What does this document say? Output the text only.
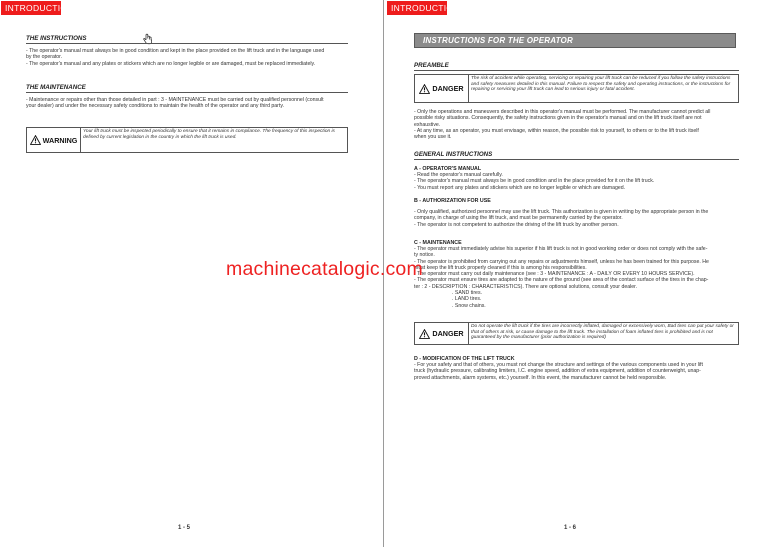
INTRODUCTION
THE INSTRUCTIONS
- The operator's manual must always be in good condition and kept in the place provided on the lift truck and in the language used
by the operator.
- The operator's manual and any plates or stickers which are no longer legible or are damaged, must be replaced immediately.
THE MAINTENANCE
- Maintenance or repairs other than those detailed in part : 3 - MAINTENANCE must be carried out by qualified personnel (consult
your dealer) and under the necessary safety conditions to maintain the health of the operator and any third party.
WARNING
Your lift truck must be inspected periodically to ensure that it remains in compliance. The frequency of this inspection is defined by current legislation in the country in which the lift truck is used.
1 - 5
INTRODUCTION
INSTRUCTIONS FOR THE OPERATOR
PREAMBLE
DANGER
The risk of accident while operating, servicing or repairing your lift truck can be reduced if you follow the safety instructions and safety measures detailed in this manual. Failure to respect the safety and operating instructions, or the instructions for repairing or servicing your lift truck can lead to serious injury or fatal accident.
- Only the operations and maneuvers described in this operator's manual must be performed. The manufacturer cannot predict all
possible risky situations. Consequently, the safety instructions given in the operator's manual and on the lift truck itself are not
exhaustive.
- At any time, as an operator, you must envisage, within reason, the possible risk to yourself, to others or to the lift truck itself
when you use it.
GENERAL INSTRUCTIONS
A - OPERATOR'S MANUAL
- Read the operator's manual carefully.
- The operator's manual must always be in good condition and in the place provided for it on the lift truck.
- You must report any plates and stickers which are no longer legible or which are damaged.
B - AUTHORIZATION FOR USE
- Only qualified, authorized personnel may use the lift truck. This authorization is given in writing by the appropriate person in the
company, in charge of using the lift truck, and must be permanently carried by the operator.
- The operator is not competent to authorize the driving of the lift truck by another person.
C - MAINTENANCE
- The operator must immediately advise his superior if his lift truck is not in good working order or does not comply with the safe-
ty notice.
- The operator is prohibited from carrying out any repairs or adjustments himself, unless he has been trained for this purpose. He
must keep the lift truck properly cleaned if this is among his responsibilities.
- The operator must carry out daily maintenance (see : 3 - MAINTENANCE : A - DAILY OR EVERY 10 HOURS SERVICE).
- The operator must ensure tires are adapted to the nature of the ground (see area of the contact surface of the tires in the chap-
ter : 2 - DESCRIPTION : CHARACTERISTICS). There are optional solutions, consult your dealer.
. SAND tires.
. LAND tires.
. Snow chains.
DANGER
Do not operate the lift truck if the tires are incorrectly inflated, damaged or excessively worn, Bad tires can put your safety or that of others at risk, or cause damage to the lift truck. The installation of foam inflated tires is prohibited and is not guaranteed by the manufacturer (prior authorization is required)
D - MODIFICATION OF THE LIFT TRUCK
- For your safety and that of others, you must not change the structure and settings of the various components used in your lift
truck (hydraulic pressure, calibrating limiters, I.C. engine speed, addition of extra equipment, addition of counterweight, unap-
proved attachments, alarm systems, etc.) yourself. In this event, the manufacturer cannot be held responsible.
1 - 6
machinecatalogic.com
